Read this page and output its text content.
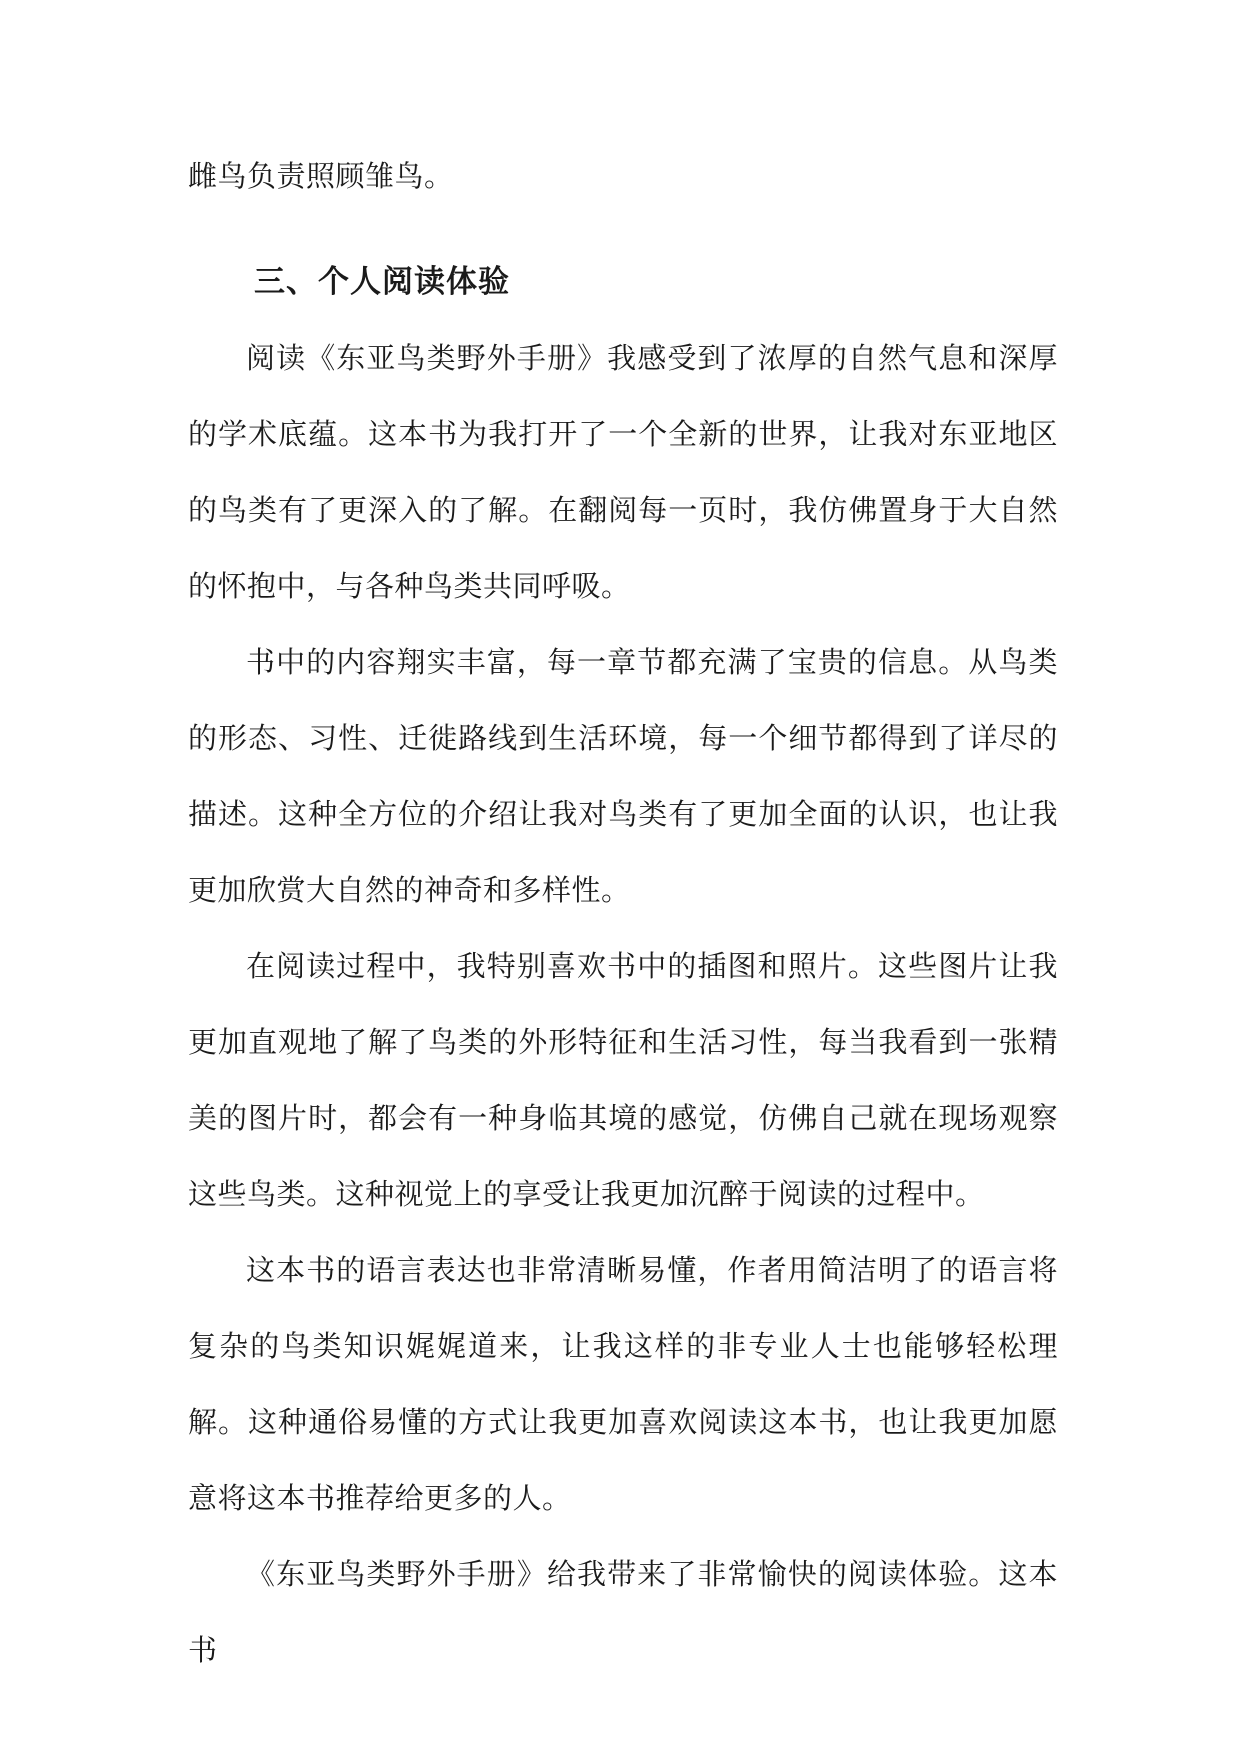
雌鸟负责照顾雏鸟。

三、个人阅读体验

阅读《东亚鸟类野外手册》我感受到了浓厚的自然气息和深厚的学术底蕴。这本书为我打开了一个全新的世界，让我对东亚地区的鸟类有了更深入的了解。在翻阅每一页时，我仿佛置身于大自然的怀抱中，与各种鸟类共同呼吸。

书中的内容翔实丰富，每一章节都充满了宝贵的信息。从鸟类的形态、习性、迁徙路线到生活环境，每一个细节都得到了详尽的描述。这种全方位的介绍让我对鸟类有了更加全面的认识，也让我更加欣赏大自然的神奇和多样性。

在阅读过程中，我特别喜欢书中的插图和照片。这些图片让我更加直观地了解了鸟类的外形特征和生活习性，每当我看到一张精美的图片时，都会有一种身临其境的感觉，仿佛自己就在现场观察这些鸟类。这种视觉上的享受让我更加沉醉于阅读的过程中。

这本书的语言表达也非常清晰易懂，作者用简洁明了的语言将复杂的鸟类知识娓娓道来，让我这样的非专业人士也能够轻松理解。这种通俗易懂的方式让我更加喜欢阅读这本书，也让我更加愿意将这本书推荐给更多的人。

《东亚鸟类野外手册》给我带来了非常愉快的阅读体验。这本书
